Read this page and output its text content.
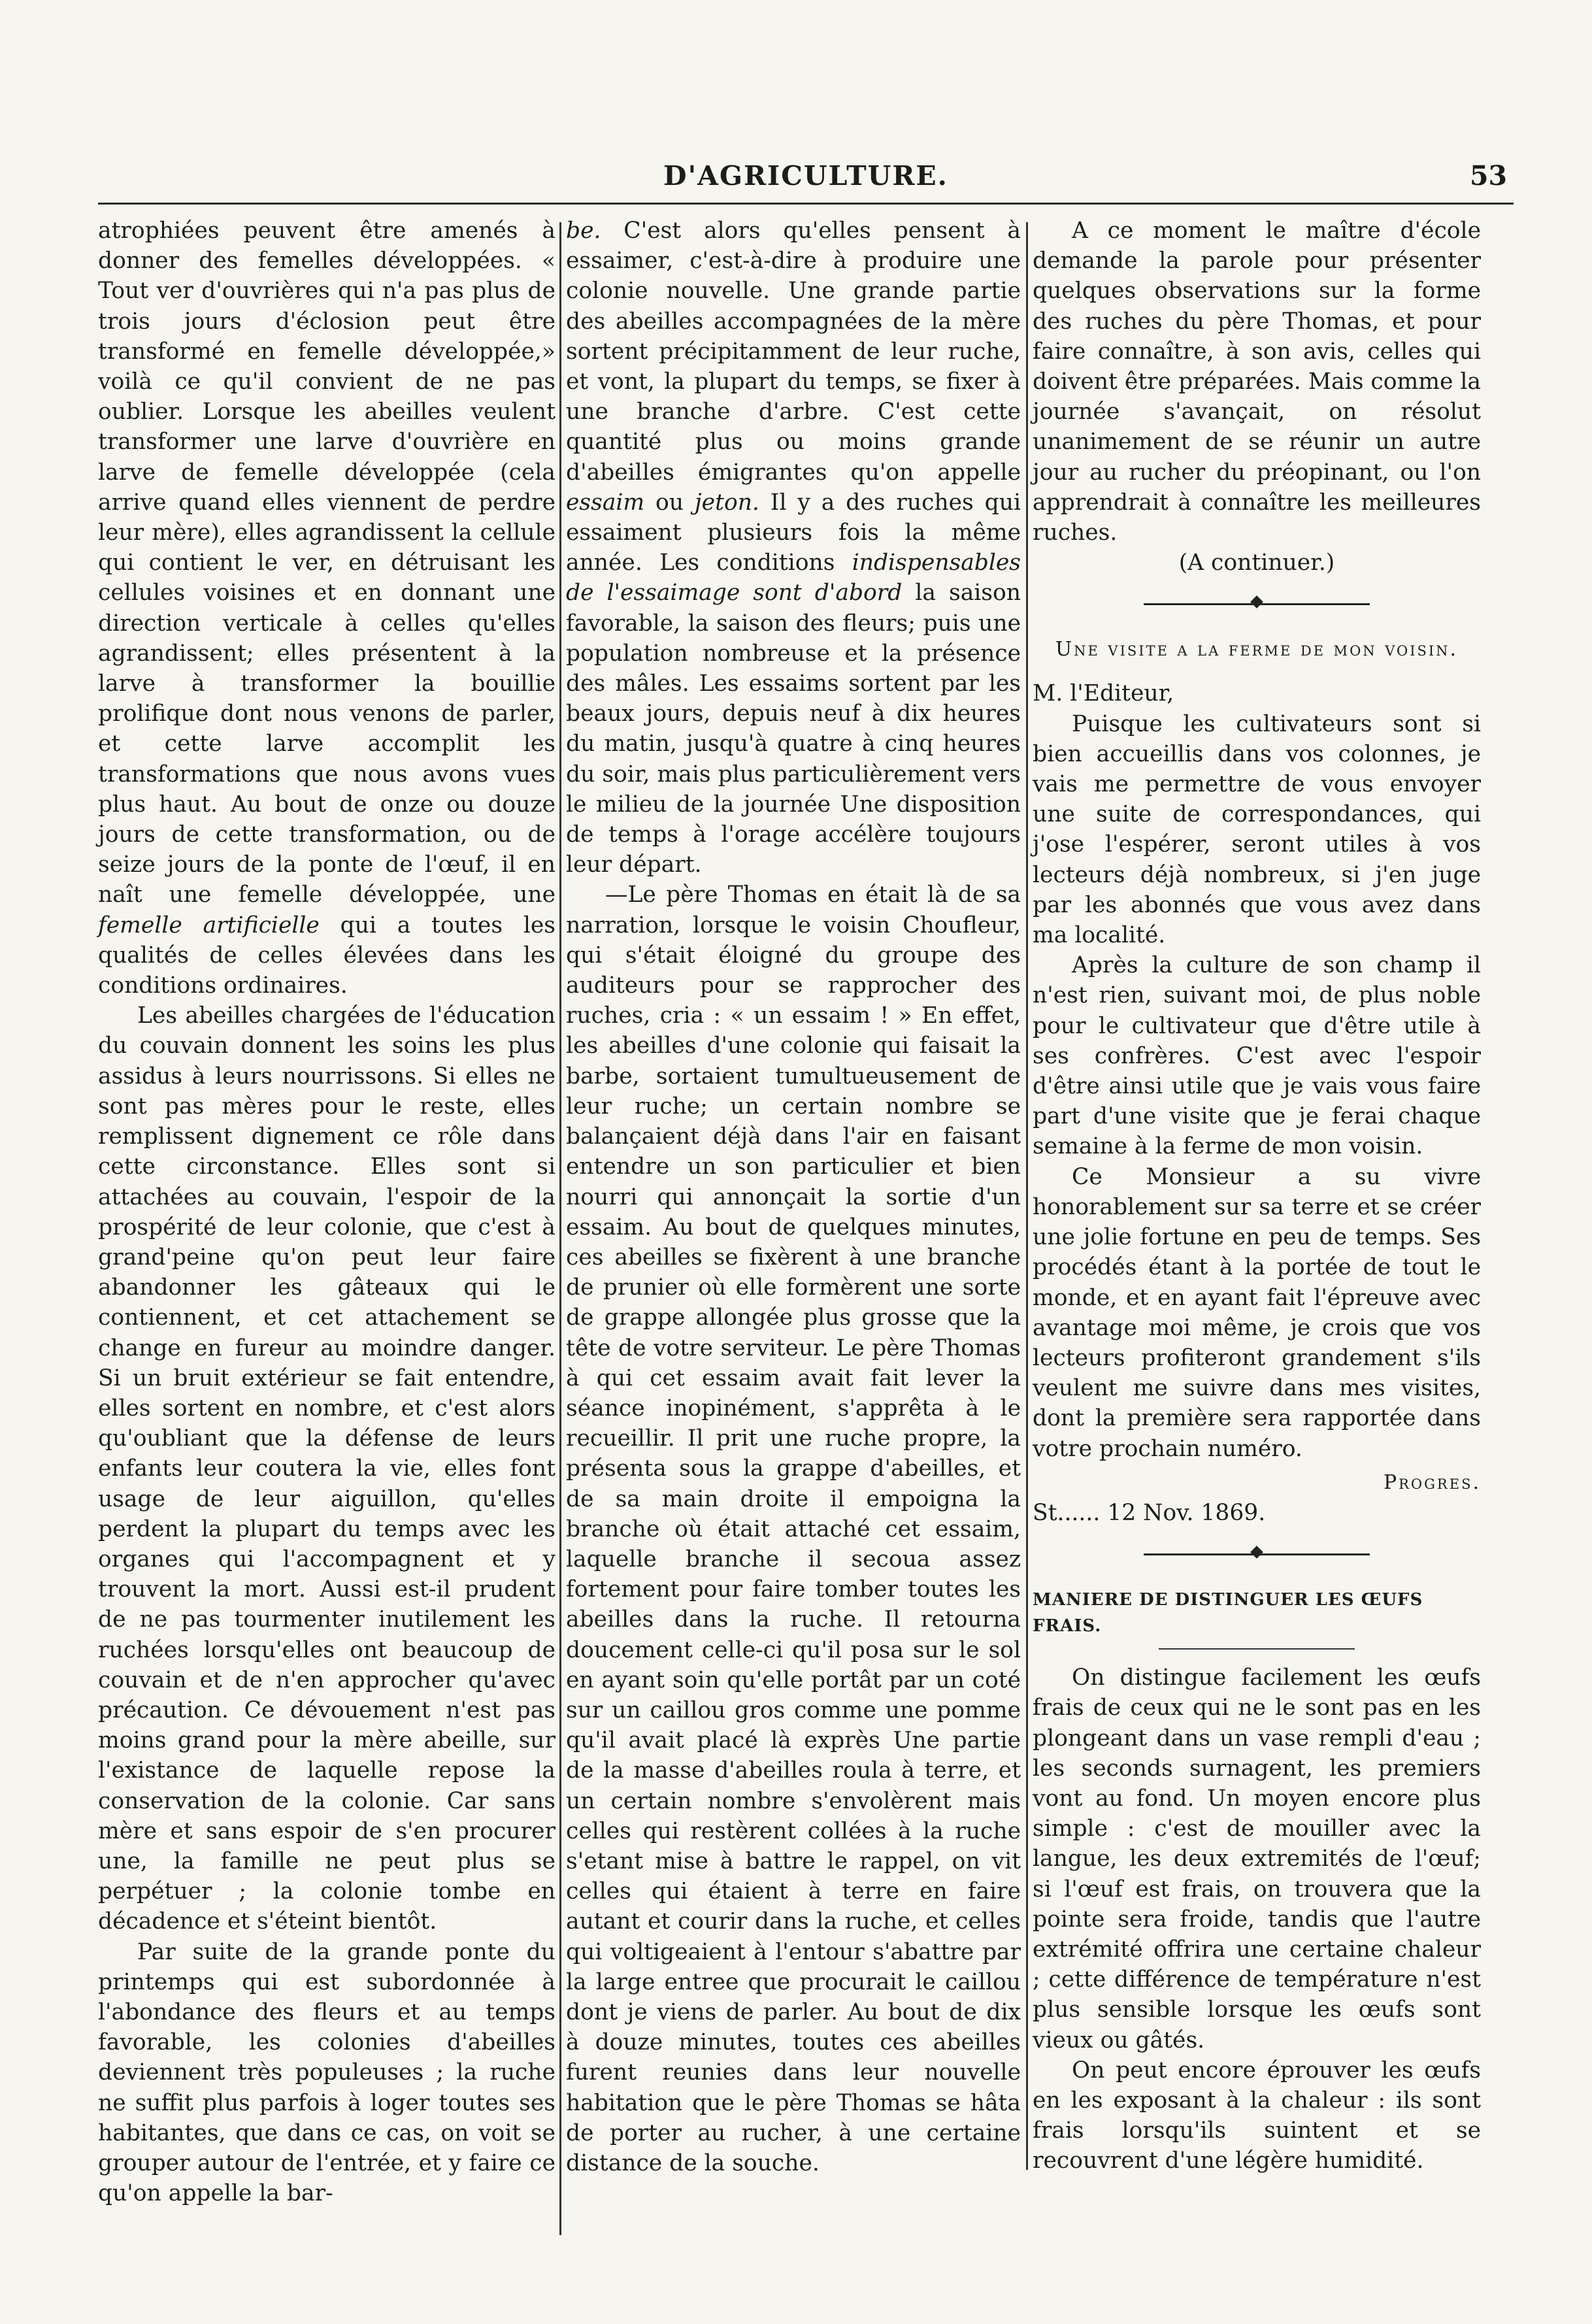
D'AGRICULTURE.	53

atrophiées peuvent être amenés à donner des femelles développées. « Tout ver d'ouvrières qui n'a pas plus de trois jours d'éclosion peut être transformé en femelle développée,» voilà ce qu'il convient de ne pas oublier. Lorsque les abeilles veulent transformer une larve d'ouvrière en larve de femelle développée (cela arrive quand elles viennent de perdre leur mère), elles agrandissent la cellule qui contient le ver, en détruisant les cellules voisines et en donnant une direction verticale à celles qu'elles agrandissent; elles présentent à la larve à transformer la bouillie prolifique dont nous venons de parler, et cette larve accomplit les transformations que nous avons vues plus haut. Au bout de onze ou douze jours de cette transformation, ou de seize jours de la ponte de l'œuf, il en naît une femelle développée, une femelle artificielle qui a toutes les qualités de celles élevées dans les conditions ordinaires.

Les abeilles chargées de l'éducation du couvain donnent les soins les plus assidus à leurs nourrissons. Si elles ne sont pas mères pour le reste, elles remplissent dignement ce rôle dans cette circonstance. Elles sont si attachées au couvain, l'espoir de la prospérité de leur colonie, que c'est à grand'peine qu'on peut leur faire abandonner les gâteaux qui le contiennent, et cet attachement se change en fureur au moindre danger. Si un bruit extérieur se fait entendre, elles sortent en nombre, et c'est alors qu'oubliant que la défense de leurs enfants leur coutera la vie, elles font usage de leur aiguillon, qu'elles perdent la plupart du temps avec les organes qui l'accompagnent et y trouvent la mort. Aussi est-il prudent de ne pas tourmenter inutilement les ruchées lorsqu'elles ont beaucoup de couvain et de n'en approcher qu'avec précaution. Ce dévouement n'est pas moins grand pour la mère abeille, sur l'existance de laquelle repose la conservation de la colonie. Car sans mère et sans espoir de s'en procurer une, la famille ne peut plus se perpétuer ; la colonie tombe en décadence et s'éteint bientôt.

Par suite de la grande ponte du printemps qui est subordonnée à l'abondance des fleurs et au temps favorable, les colonies d'abeilles deviennent très populeuses ; la ruche ne suffit plus parfois à loger toutes ses habitantes, que dans ce cas, on voit se grouper autour de l'entrée, et y faire ce qu'on appelle la bar-

be. C'est alors qu'elles pensent à essaimer, c'est-à-dire à produire une colonie nouvelle. Une grande partie des abeilles accompagnées de la mère sortent précipitamment de leur ruche, et vont, la plupart du temps, se fixer à une branche d'arbre. C'est cette quantité plus ou moins grande d'abeilles émigrantes qu'on appelle essaim ou jeton. Il y a des ruches qui essaiment plusieurs fois la même année. Les conditions indispensables de l'essaimage sont d'abord la saison favorable, la saison des fleurs; puis une population nombreuse et la présence des mâles. Les essaims sortent par les beaux jours, depuis neuf à dix heures du matin, jusqu'à quatre à cinq heures du soir, mais plus particulièrement vers le milieu de la journée Une disposition de temps à l'orage accélère toujours leur départ.

—Le père Thomas en était là de sa narration, lorsque le voisin Choufleur, qui s'était éloigné du groupe des auditeurs pour se rapprocher des ruches, cria : « un essaim ! » En effet, les abeilles d'une colonie qui faisait la barbe, sortaient tumultueusement de leur ruche; un certain nombre se balançaient déjà dans l'air en faisant entendre un son particulier et bien nourri qui annonçait la sortie d'un essaim. Au bout de quelques minutes, ces abeilles se fixèrent à une branche de prunier où elle formèrent une sorte de grappe allongée plus grosse que la tête de votre serviteur. Le père Thomas à qui cet essaim avait fait lever la séance inopinément, s'apprêta à le recueillir. Il prit une ruche propre, la présenta sous la grappe d'abeilles, et de sa main droite il empoigna la branche où était attaché cet essaim, laquelle branche il secoua assez fortement pour faire tomber toutes les abeilles dans la ruche. Il retourna doucement celle-ci qu'il posa sur le sol en ayant soin qu'elle portât par un coté sur un caillou gros comme une pomme qu'il avait placé là exprès Une partie de la masse d'abeilles roula à terre, et un certain nombre s'envolèrent mais celles qui restèrent collées à la ruche s'etant mise à battre le rappel, on vit celles qui étaient à terre en faire autant et courir dans la ruche, et celles qui voltigeaient à l'entour s'abattre par la large entree que procurait le caillou dont je viens de parler. Au bout de dix à douze minutes, toutes ces abeilles furent reunies dans leur nouvelle habitation que le père Thomas se hâta de porter au rucher, à une certaine distance de la souche.

A ce moment le maître d'école demande la parole pour présenter quelques observations sur la forme des ruches du père Thomas, et pour faire connaître, à son avis, celles qui doivent être préparées. Mais comme la journée s'avançait, on résolut unanimement de se réunir un autre jour au rucher du préopinant, ou l'on apprendrait à connaître les meilleures ruches.

(A continuer.)

Une visite a la ferme de mon voisin.

M. l'Editeur,

Puisque les cultivateurs sont si bien accueillis dans vos colonnes, je vais me permettre de vous envoyer une suite de correspondances, qui j'ose l'espérer, seront utiles à vos lecteurs déjà nombreux, si j'en juge par les abonnés que vous avez dans ma localité.

Après la culture de son champ il n'est rien, suivant moi, de plus noble pour le cultivateur que d'être utile à ses confrères. C'est avec l'espoir d'être ainsi utile que je vais vous faire part d'une visite que je ferai chaque semaine à la ferme de mon voisin.

Ce Monsieur a su vivre honorablement sur sa terre et se créer une jolie fortune en peu de temps. Ses procédés étant à la portée de tout le monde, et en ayant fait l'épreuve avec avantage moi même, je crois que vos lecteurs profiteront grandement s'ils veulent me suivre dans mes visites, dont la première sera rapportée dans votre prochain numéro.

Progres.

St...... 12 Nov. 1869.

MANIERE DE DISTINGUER LES ŒUFS FRAIS.

On distingue facilement les œufs frais de ceux qui ne le sont pas en les plongeant dans un vase rempli d'eau ; les seconds surnagent, les premiers vont au fond. Un moyen encore plus simple : c'est de mouiller avec la langue, les deux extremités de l'œuf; si l'œuf est frais, on trouvera que la pointe sera froide, tandis que l'autre extrémité offrira une certaine chaleur ; cette différence de température n'est plus sensible lorsque les œufs sont vieux ou gâtés.

On peut encore éprouver les œufs en les exposant à la chaleur : ils sont frais lorsqu'ils suintent et se recouvrent d'une légère humidité.
